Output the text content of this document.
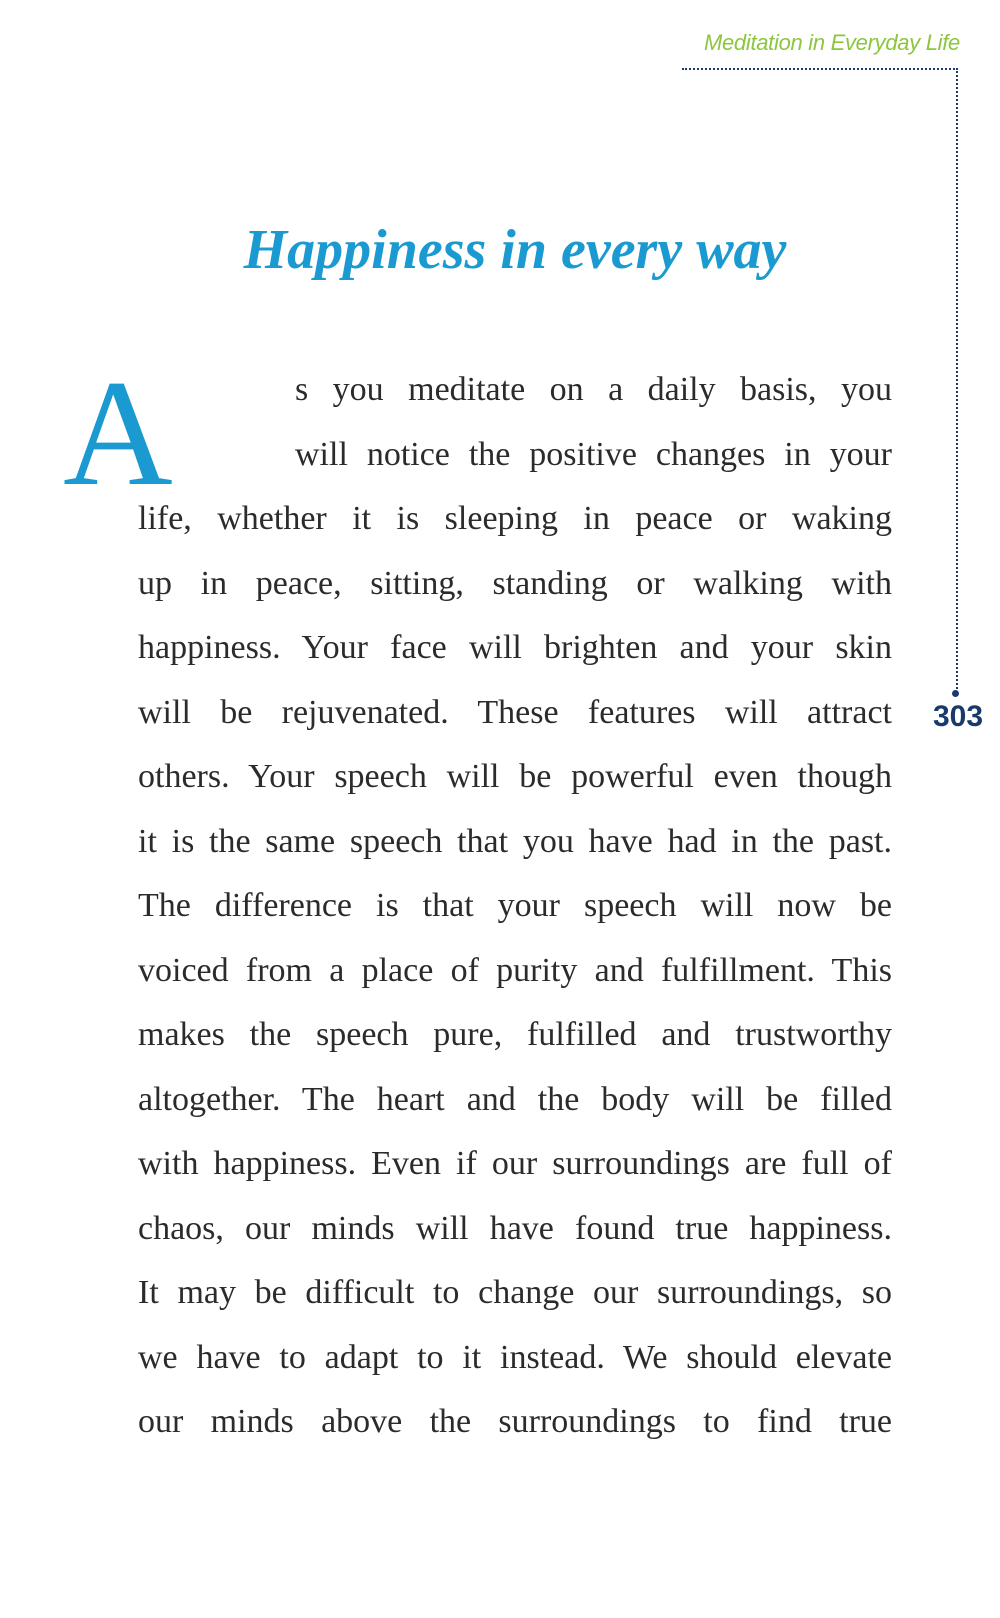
Meditation in Everyday Life
303
Happiness in every way
A	s you meditate on a daily basis, you
will notice the positive changes in your
life, whether it is sleeping in peace or waking
up in peace, sitting, standing or walking with
happiness. Your face will brighten and your skin
will be rejuvenated. These features will attract
others. Your speech will be powerful even though
it is the same speech that you have had in the past.
The difference is that your speech will now be
voiced from a place of purity and fulfillment. This
makes the speech pure, fulfilled and trustworthy
altogether. The heart and the body will be filled
with happiness. Even if our surroundings are full of
chaos, our minds will have found true happiness.
It may be difficult to change our surroundings, so
we have to adapt to it instead. We should elevate
our minds above the surroundings to find true
